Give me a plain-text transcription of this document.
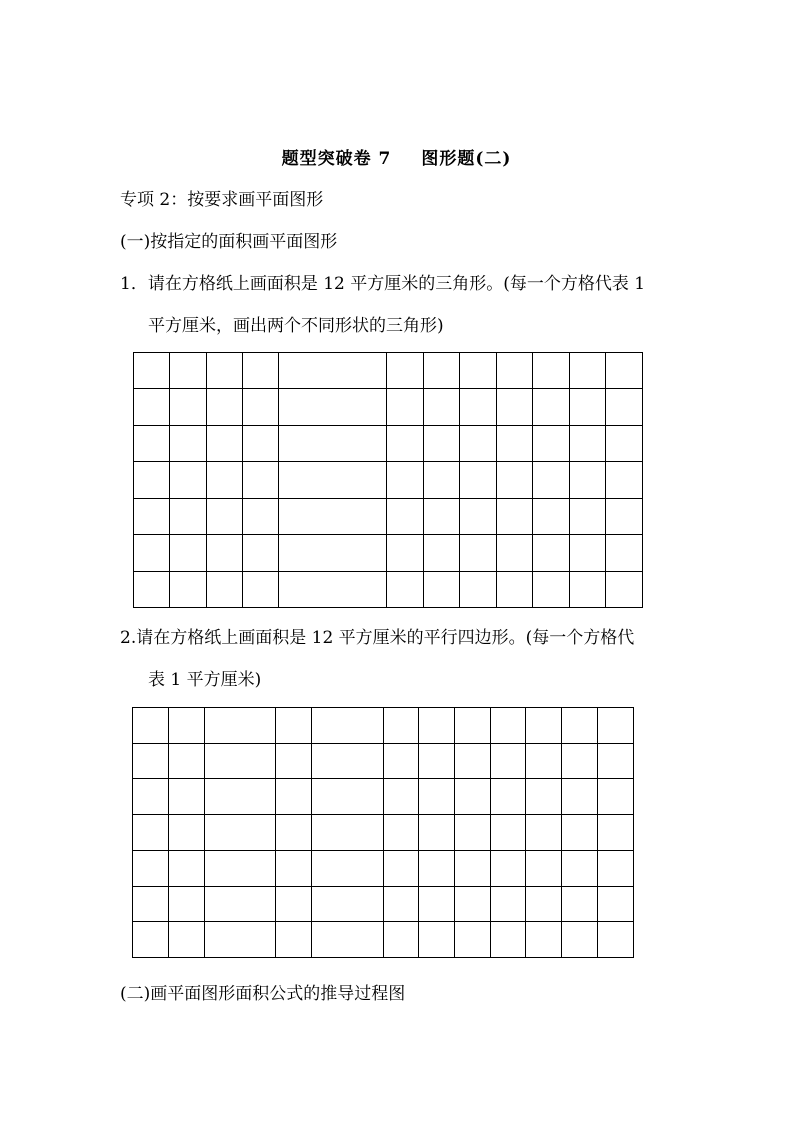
题型突破卷 7 图形题(二)
专项 2：按要求画平面图形
(一)按指定的面积画平面图形
1．请在方格纸上画面积是 12 平方厘米的三角形。(每一个方格代表 1
平方厘米，画出两个不同形状的三角形)

2.请在方格纸上画面积是 12 平方厘米的平行四边形。(每一个方格代
表 1 平方厘米)

(二)画平面图形面积公式的推导过程图
